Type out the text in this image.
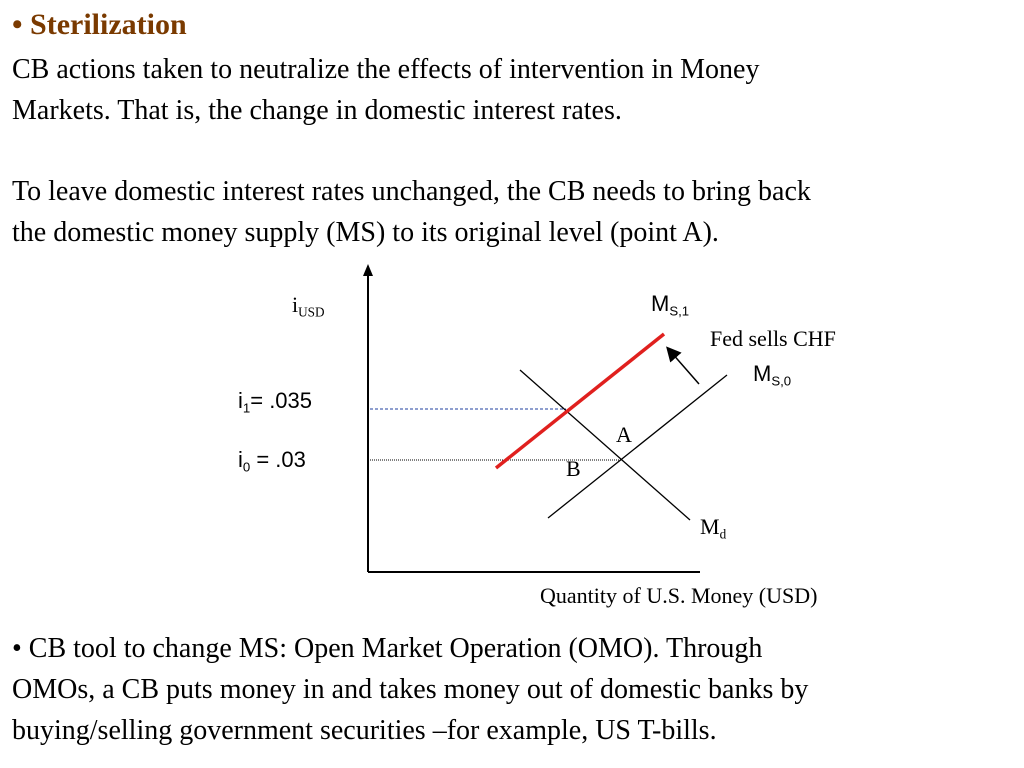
• Sterilization
CB actions taken to neutralize the effects of intervention in Money
Markets. That is, the change in domestic interest rates.
To leave domestic interest rates unchanged, the CB needs to bring back
the domestic money supply (MS) to its original level (point A).
$i_{USD}$
Quantity of U.S. Money (USD)
$i_1= .035$
$i_0 = .03$
$M_{S,1}$
Fed sells CHF
$M_{S,0}$
A
B
$M_d$
• CB tool to change MS: Open Market Operation (OMO). Through
OMOs, a CB puts money in and takes money out of domestic banks by
buying/selling government securities –for example, US T-bills.
